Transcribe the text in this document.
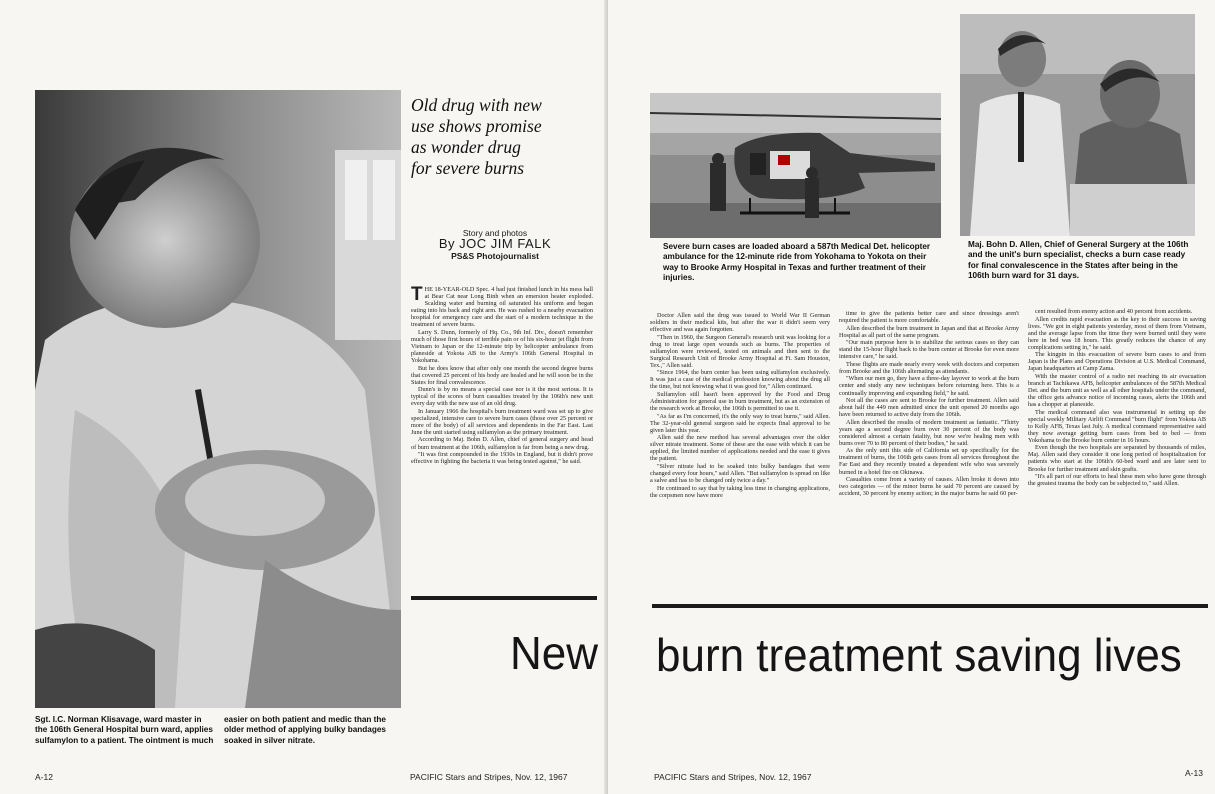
Sgt. I.C. Norman Klisavage, ward master in the 106th General Hospital burn ward, applies sulfamylon to a patient. The ointment is much
easier on both patient and medic than the older method of applying bulky bandages soaked in silver nitrate.
Old drug with new
use shows promise
as wonder drug
for severe burns
Story and photos
By JOC JIM FALK
PS&S Photojournalist

THE 18-YEAR-OLD Spec. 4 had just finished lunch in his mess hall at Bear Cat near Long Binh when an emersion heater exploded. Scalding water and burning oil saturated his uniform and began eating into his back and right arm. He was rushed to a nearby evacuation hospital for emergency care and the start of a modern technique in the treatment of severe burns.

Larry S. Dunn, formerly of Hq. Co., 9th Inf. Div., doesn't remember much of those first hours of terrible pain or of his six-hour jet flight from Vietnam to Japan or the 12-minute trip by helicopter ambulance from planeside at Yokota AB to the Army's 106th General Hospital in Yokohama.

But he does know that after only one month the second degree burns that covered 25 percent of his body are healed and he will soon be in the States for final convalescence.

Dunn's is by no means a special case nor is it the most serious. It is typical of the scores of burn casualties treated by the 106th's new unit every day with the new use of an old drug.

In January 1966 the hospital's burn treatment ward was set up to give specialized, intensive care to severe burn cases (those over 25 percent or more of the body) of all services and dependents in the Far East. Last June the unit started using sulfamylon as the primary treatment.

According to Maj. Bohn D. Allen, chief of general surgery and head of burn treatment at the 106th, sulfamylon is far from being a new drug.

"It was first compounded in the 1930s in England, but it didn't prove effective in fighting the bacteria it was being tested against," he said.

New
A-12	PACIFIC Stars and Stripes, Nov. 12, 1967
Severe burn cases are loaded aboard a 587th Medical Det. helicopter ambulance for the 12-minute ride from Yokohama to Yokota on their way to Brooke Army Hospital in Texas and further treatment of their injuries.
Maj. Bohn D. Allen, Chief of General Surgery at the 106th and the unit's burn specialist, checks a burn case ready for final convalescence in the States after being in the 106th burn ward for 31 days.

Doctor Allen said the drug was issued to World War II German soldiers in their medical kits, but after the war it didn't seem very effective and was again forgotten.

"Then in 1960, the Surgeon General's research unit was looking for a drug to treat large open wounds such as burns. The properties of sulfamylon were reviewed, tested on animals and then sent to the Surgical Research Unit of Brooke Army Hospital at Ft. Sam Houston, Tex.," Allen said.

"Since 1964, the burn center has been using sulfamylon exclusively. It was just a case of the medical profession knowing about the drug all the time, but not knowing what it was good for," Allen continued.

Sulfamylon still hasn't been approved by the Food and Drug Administration for general use in burn treatment, but as an extension of the research work at Brooke, the 106th is permitted to use it.

"As far as I'm concerned, it's the only way to treat burns," said Allen. The 32-year-old general surgeon said he expects final approval to be given later this year.

Allen said the new method has several advantages over the older silver nitrate treatment. Some of these are the ease with which it can be applied, the limited number of applications needed and the ease it gives the patient.

"Silver nitrate had to be soaked into bulky bandages that were changed every four hours," said Allen. "But sulfamylon is spread on like a salve and has to be changed only twice a day."

He continued to say that by taking less time in changing applications, the corpsmen now have more

time to give the patients better care and since dressings aren't required the patient is more comfortable.

Allen described the burn treatment in Japan and that at Brooke Army Hospital as all part of the same program.

"Our main purpose here is to stabilize the serious cases so they can stand the 15-hour flight back to the burn center at Brooke for even more intensive care," he said.

These flights are made nearly every week with doctors and corpsmen from Brooke and the 106th alternating as attendants.

"When our men go, they have a three-day layover to work at the burn center and study any new techniques before returning here. This is a continually improving and expanding field," he said.

Not all the cases are sent to Brooke for further treatment. Allen said about half the 449 men admitted since the unit opened 20 months ago have been returned to active duty from the 106th.

Allen described the results of modern treatment as fantastic. "Thirty years ago a second degree burn over 30 percent of the body was considered almost a certain fatality, but now we're healing men with burns over 70 to 80 percent of their bodies," he said.

As the only unit this side of California set up specifically for the treatment of burns, the 106th gets cases from all services throughout the Far East and they recently treated a dependent wife who was severely burned in a hotel fire on Okinawa.

Casualties come from a variety of causes. Allen broke it down into two categories — of the minor burns he said 70 percent are caused by accident, 30 percent by enemy action; in the major burns he said 60 per-

cent resulted from enemy action and 40 percent from accidents.

Allen credits rapid evacuation as the key to their success in saving lives. "We got in eight patients yesterday, most of them from Vietnam, and the average lapse from the time they were burned until they were here in bed was 18 hours. This greatly reduces the chance of any complications setting in," he said.

The kingpin in this evacuation of severe burn cases to and from Japan is the Plans and Operations Division at U.S. Medical Command, Japan headquarters at Camp Zama.

With the master control of a radio net reaching its air evacuation branch at Tachikawa AFB, helicopter ambulances of the 587th Medical Det. and the burn unit as well as all other hospitals under the command, the office gets advance notice of incoming cases, alerts the 106th and has a chopper at planeside.

The medical command also was instrumental in setting up the special weekly Military Airlift Command "burn flight" from Yokota AB to Kelly AFB, Texas last July. A medical command representative said they now average getting burn cases from bed to bed — from Yokohama to the Brooke burn center in 16 hours.

Even though the two hospitals are separated by thousands of miles, Maj. Allen said they consider it one long period of hospitalization for patients who start at the 106th's 60-bed ward and are later sent to Brooke for further treatment and skin grafts.

"It's all part of our efforts to heal these men who have gone through the greatest trauma the body can be subjected to," said Allen.

burn treatment saving lives
PACIFIC Stars and Stripes, Nov. 12, 1967	A-13
